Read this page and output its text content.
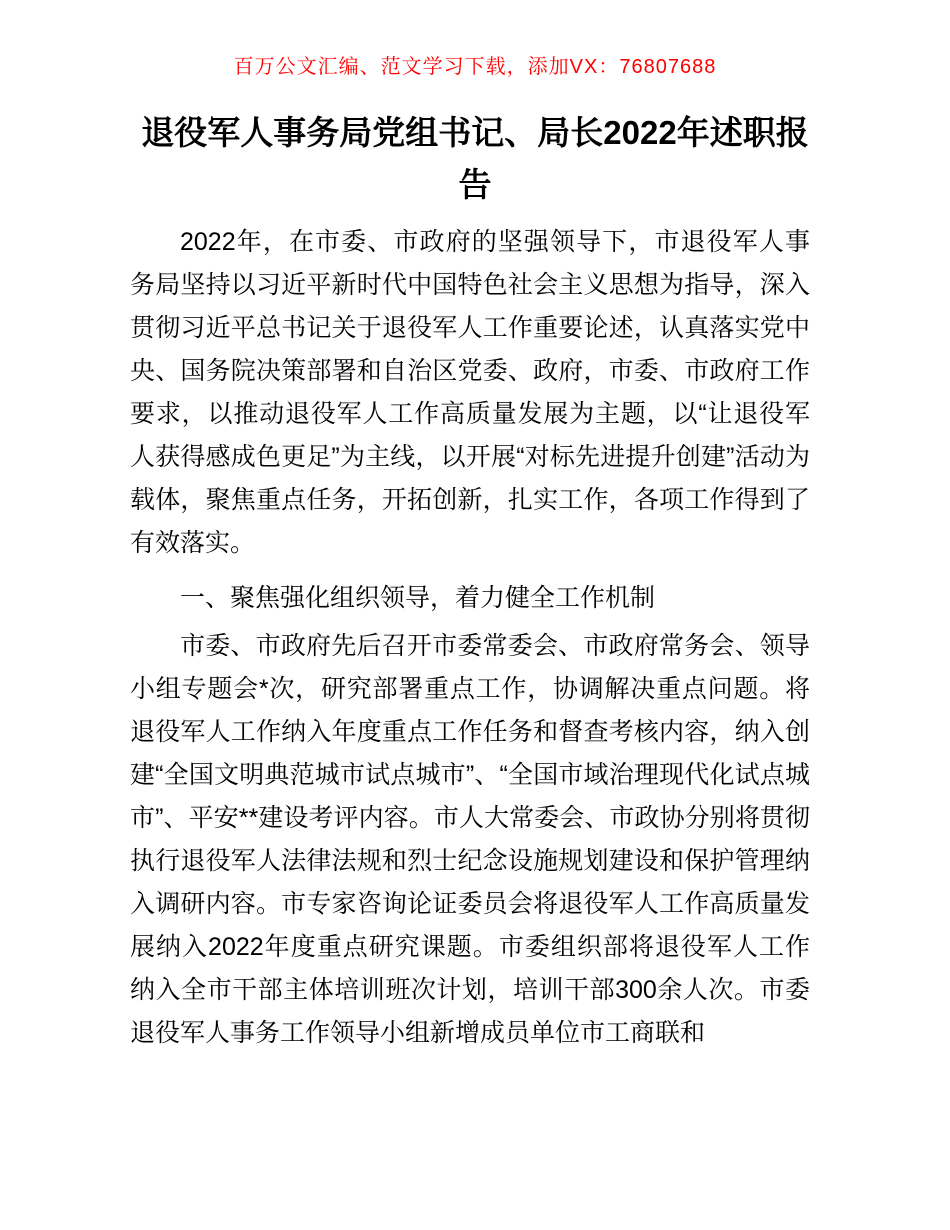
百万公文汇编、范文学习下载，添加VX：76807688
退役军人事务局党组书记、局长2022年述职报告

2022年，在市委、市政府的坚强领导下，市退役军人事务局坚持以习近平新时代中国特色社会主义思想为指导，深入贯彻习近平总书记关于退役军人工作重要论述，认真落实党中央、国务院决策部署和自治区党委、政府，市委、市政府工作要求，以推动退役军人工作高质量发展为主题，以“让退役军人获得感成色更足”为主线，以开展“对标先进提升创建”活动为载体，聚焦重点任务，开拓创新，扎实工作，各项工作得到了有效落实。

一、聚焦强化组织领导，着力健全工作机制

市委、市政府先后召开市委常委会、市政府常务会、领导小组专题会*次，研究部署重点工作，协调解决重点问题。将退役军人工作纳入年度重点工作任务和督查考核内容，纳入创建“全国文明典范城市试点城市”、“全国市域治理现代化试点城市”、平安**建设考评内容。市人大常委会、市政协分别将贯彻执行退役军人法律法规和烈士纪念设施规划建设和保护管理纳入调研内容。市专家咨询论证委员会将退役军人工作高质量发展纳入2022年度重点研究课题。市委组织部将退役军人工作纳入全市干部主体培训班次计划，培训干部300余人次。市委退役军人事务工作领导小组新增成员单位市工商联和
